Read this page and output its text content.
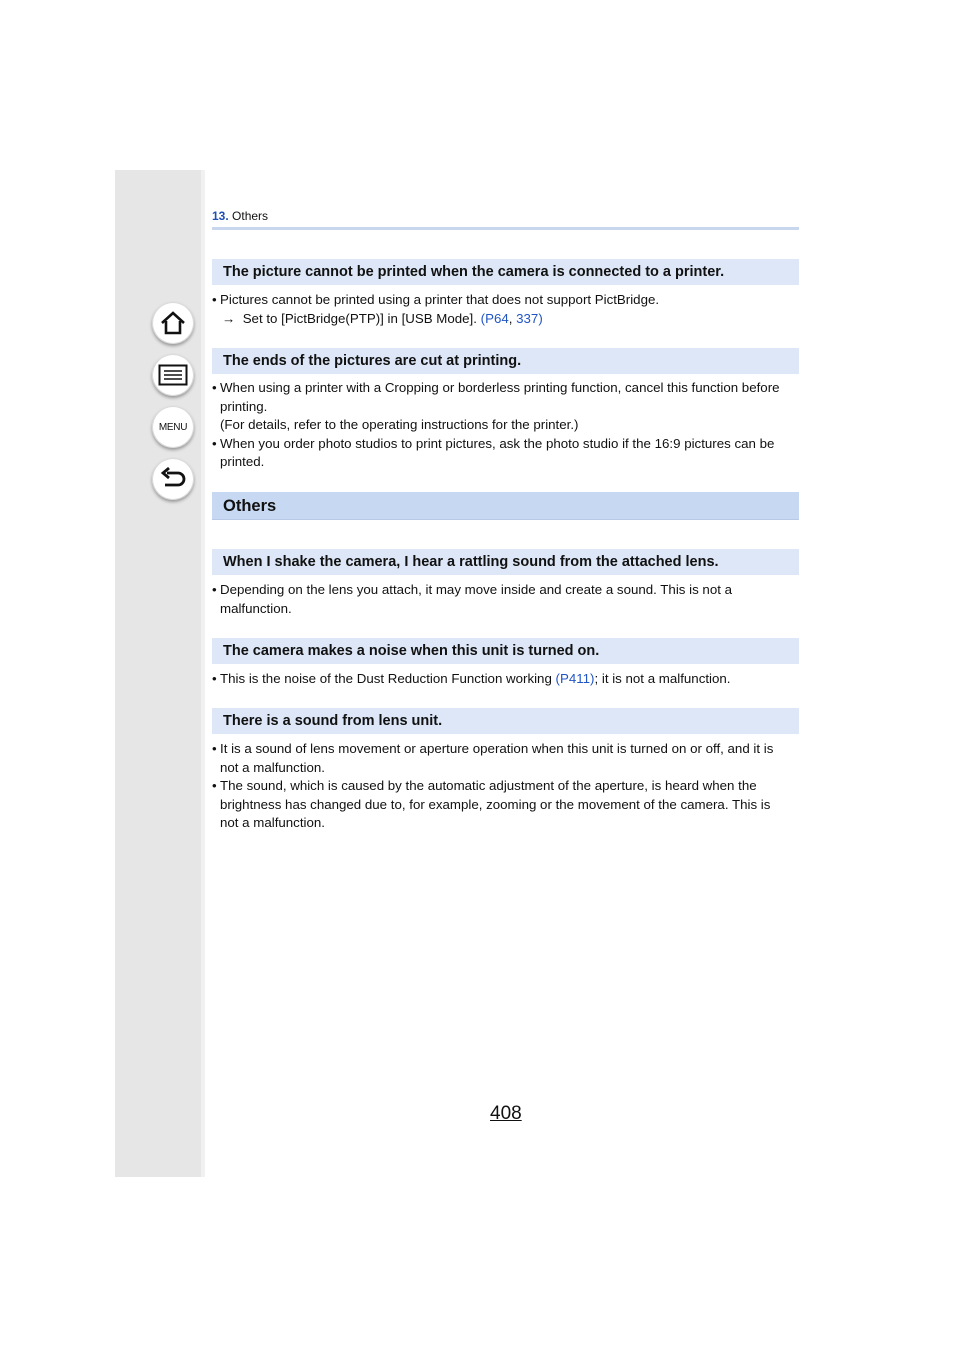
MENU
13. Others
The picture cannot be printed when the camera is connected to a printer.
• Pictures cannot be printed using a printer that does not support PictBridge.
→ Set to [PictBridge(PTP)] in [USB Mode]. (P64, 337)
The ends of the pictures are cut at printing.
• When using a printer with a Cropping or borderless printing function, cancel this function before
printing.
(For details, refer to the operating instructions for the printer.)
• When you order photo studios to print pictures, ask the photo studio if the 16:9 pictures can be
printed.
Others
When I shake the camera, I hear a rattling sound from the attached lens.
• Depending on the lens you attach, it may move inside and create a sound. This is not a
malfunction.
The camera makes a noise when this unit is turned on.
• This is the noise of the Dust Reduction Function working (P411); it is not a malfunction.
There is a sound from lens unit.
• It is a sound of lens movement or aperture operation when this unit is turned on or off, and it is
not a malfunction.
• The sound, which is caused by the automatic adjustment of the aperture, is heard when the
brightness has changed due to, for example, zooming or the movement of the camera. This is
not a malfunction.
408
